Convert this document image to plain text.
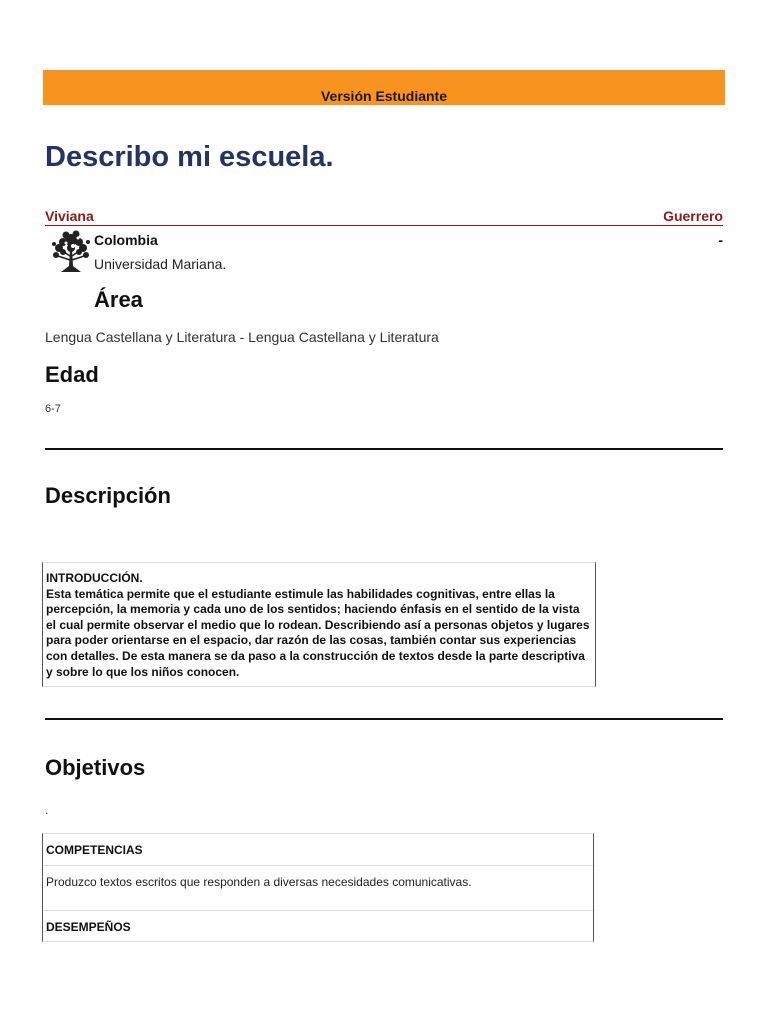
Versión Estudiante
Describo mi escuela.
Viviana	Guerrero
-
Colombia
Universidad Mariana.
Área
Lengua Castellana y Literatura - Lengua Castellana y Literatura
Edad
6-7
Descripción
INTRODUCCIÓN.
Esta temática permite que el estudiante estimule las habilidades cognitivas, entre ellas la percepción, la memoria y cada uno de los sentidos; haciendo énfasis en el sentido de la vista el cual permite observar el medio que lo rodean. Describiendo así a personas objetos y lugares para poder orientarse en el espacio, dar razón de las cosas, también contar sus experiencias con detalles. De esta manera se da paso a la construcción de textos desde la parte descriptiva y sobre lo que los niños conocen.
Objetivos
.
COMPETENCIAS
Produzco textos escritos que responden a diversas necesidades comunicativas.
DESEMPEÑOS
